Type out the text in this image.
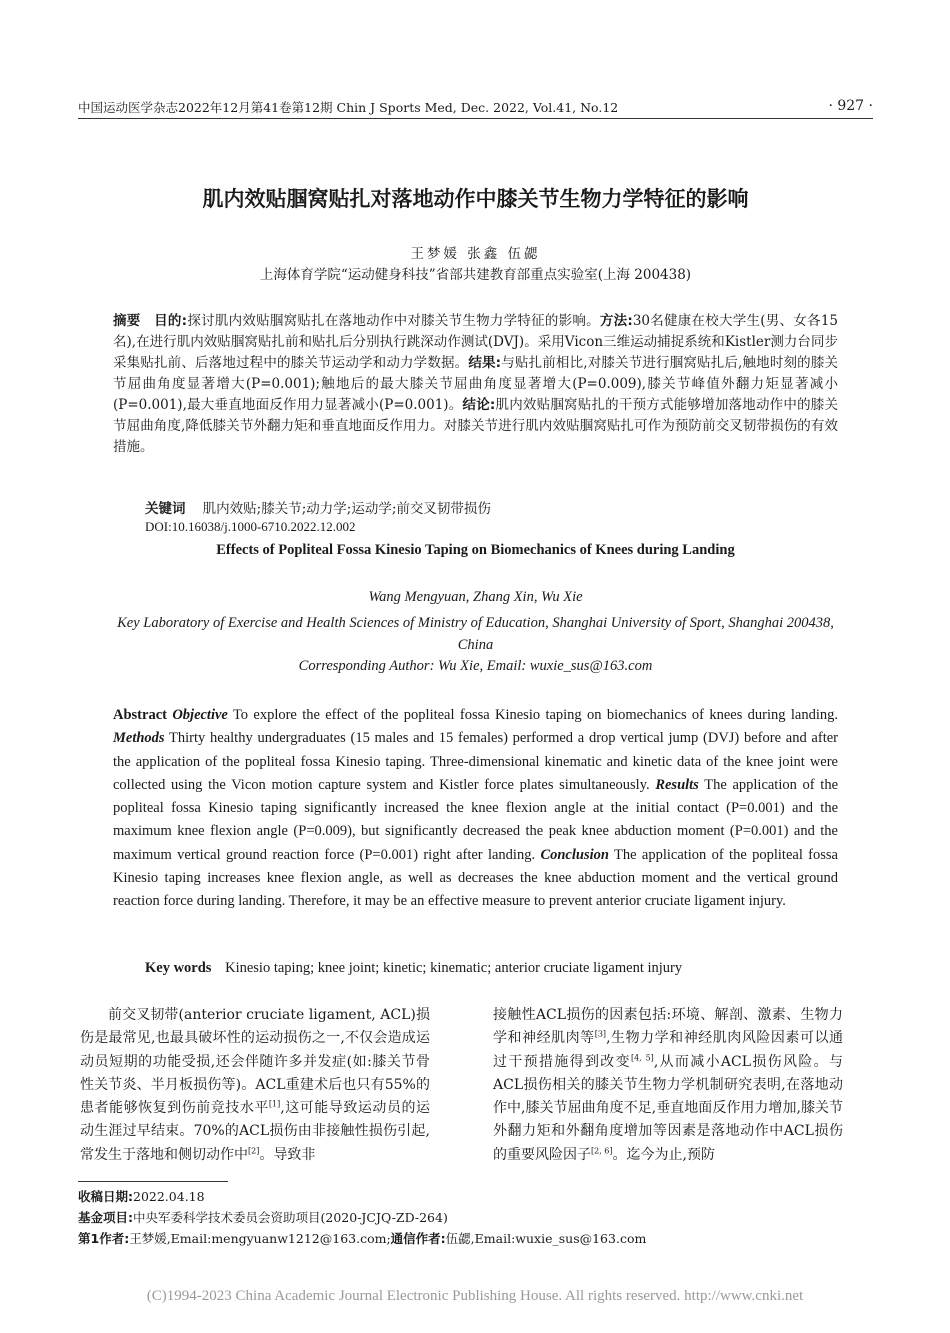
中国运动医学杂志2022年12月第41卷第12期 Chin J Sports Med, Dec. 2022, Vol.41, No.12	· 927 ·
肌内效贴腘窝贴扎对落地动作中膝关节生物力学特征的影响
王梦媛 张鑫 伍勰
上海体育学院“运动健身科技”省部共建教育部重点实验室(上海 200438)
摘要 目的:探讨肌内效贴腘窝贴扎在落地动作中对膝关节生物力学特征的影响。方法:30名健康在校大学生(男、女各15名),在进行肌内效贴腘窝贴扎前和贴扎后分别执行跳深动作测试(DVJ)。采用Vicon三维运动捕捉系统和Kistler测力台同步采集贴扎前、后落地过程中的膝关节运动学和动力学数据。结果:与贴扎前相比,对膝关节进行腘窝贴扎后,触地时刻的膝关节屈曲角度显著增大(P=0.001);触地后的最大膝关节屈曲角度显著增大(P=0.009),膝关节峰值外翻力矩显著减小(P=0.001),最大垂直地面反作用力显著减小(P=0.001)。结论:肌内效贴腘窝贴扎的干预方式能够增加落地动作中的膝关节屈曲角度,降低膝关节外翻力矩和垂直地面反作用力。对膝关节进行肌内效贴腘窝贴扎可作为预防前交叉韧带损伤的有效措施。
关键词 肌内效贴;膝关节;动力学;运动学;前交叉韧带损伤
DOI:10.16038/j.1000-6710.2022.12.002
Effects of Popliteal Fossa Kinesio Taping on Biomechanics of Knees during Landing
Wang Mengyuan, Zhang Xin, Wu Xie
Key Laboratory of Exercise and Health Sciences of Ministry of Education, Shanghai University of Sport, Shanghai 200438, China
Corresponding Author: Wu Xie, Email: wuxie_sus@163.com
Abstract Objective To explore the effect of the popliteal fossa Kinesio taping on biomechanics of knees during landing. Methods Thirty healthy undergraduates (15 males and 15 females) performed a drop vertical jump (DVJ) before and after the application of the popliteal fossa Kinesio taping. Three-dimensional kinematic and kinetic data of the knee joint were collected using the Vicon motion capture system and Kistler force plates simultaneously. Results The application of the popliteal fossa Kinesio taping significantly increased the knee flexion angle at the initial contact (P=0.001) and the maximum knee flexion angle (P=0.009), but significantly decreased the peak knee abduction moment (P=0.001) and the maximum vertical ground reaction force (P=0.001) right after landing. Conclusion The application of the popliteal fossa Kinesio taping increases knee flexion angle, as well as decreases the knee abduction moment and the vertical ground reaction force during landing. Therefore, it may be an effective measure to prevent anterior cruciate ligament injury.
Key words Kinesio taping; knee joint; kinetic; kinematic; anterior cruciate ligament injury
前交叉韧带(anterior cruciate ligament, ACL)损伤是最常见,也最具破坏性的运动损伤之一,不仅会造成运动员短期的功能受损,还会伴随许多并发症(如:膝关节骨性关节炎、半月板损伤等)。ACL重建术后也只有55%的患者能够恢复到伤前竞技水平[1],这可能导致运动员的运动生涯过早结束。70%的ACL损伤由非接触性损伤引起,常发生于落地和侧切动作中[2]。导致非
接触性ACL损伤的因素包括:环境、解剖、激素、生物力学和神经肌肉等[3],生物力学和神经肌肉风险因素可以通过干预措施得到改变[4, 5],从而减小ACL损伤风险。与ACL损伤相关的膝关节生物力学机制研究表明,在落地动作中,膝关节屈曲角度不足,垂直地面反作用力增加,膝关节外翻力矩和外翻角度增加等因素是落地动作中ACL损伤的重要风险因子[2, 6]。迄今为止,预防
收稿日期:2022.04.18
基金项目:中央军委科学技术委员会资助项目(2020-JCJQ-ZD-264)
第1作者:王梦媛,Email:mengyuanw1212@163.com;通信作者:伍勰,Email:wuxie_sus@163.com
(C)1994-2023 China Academic Journal Electronic Publishing House. All rights reserved. http://www.cnki.net
